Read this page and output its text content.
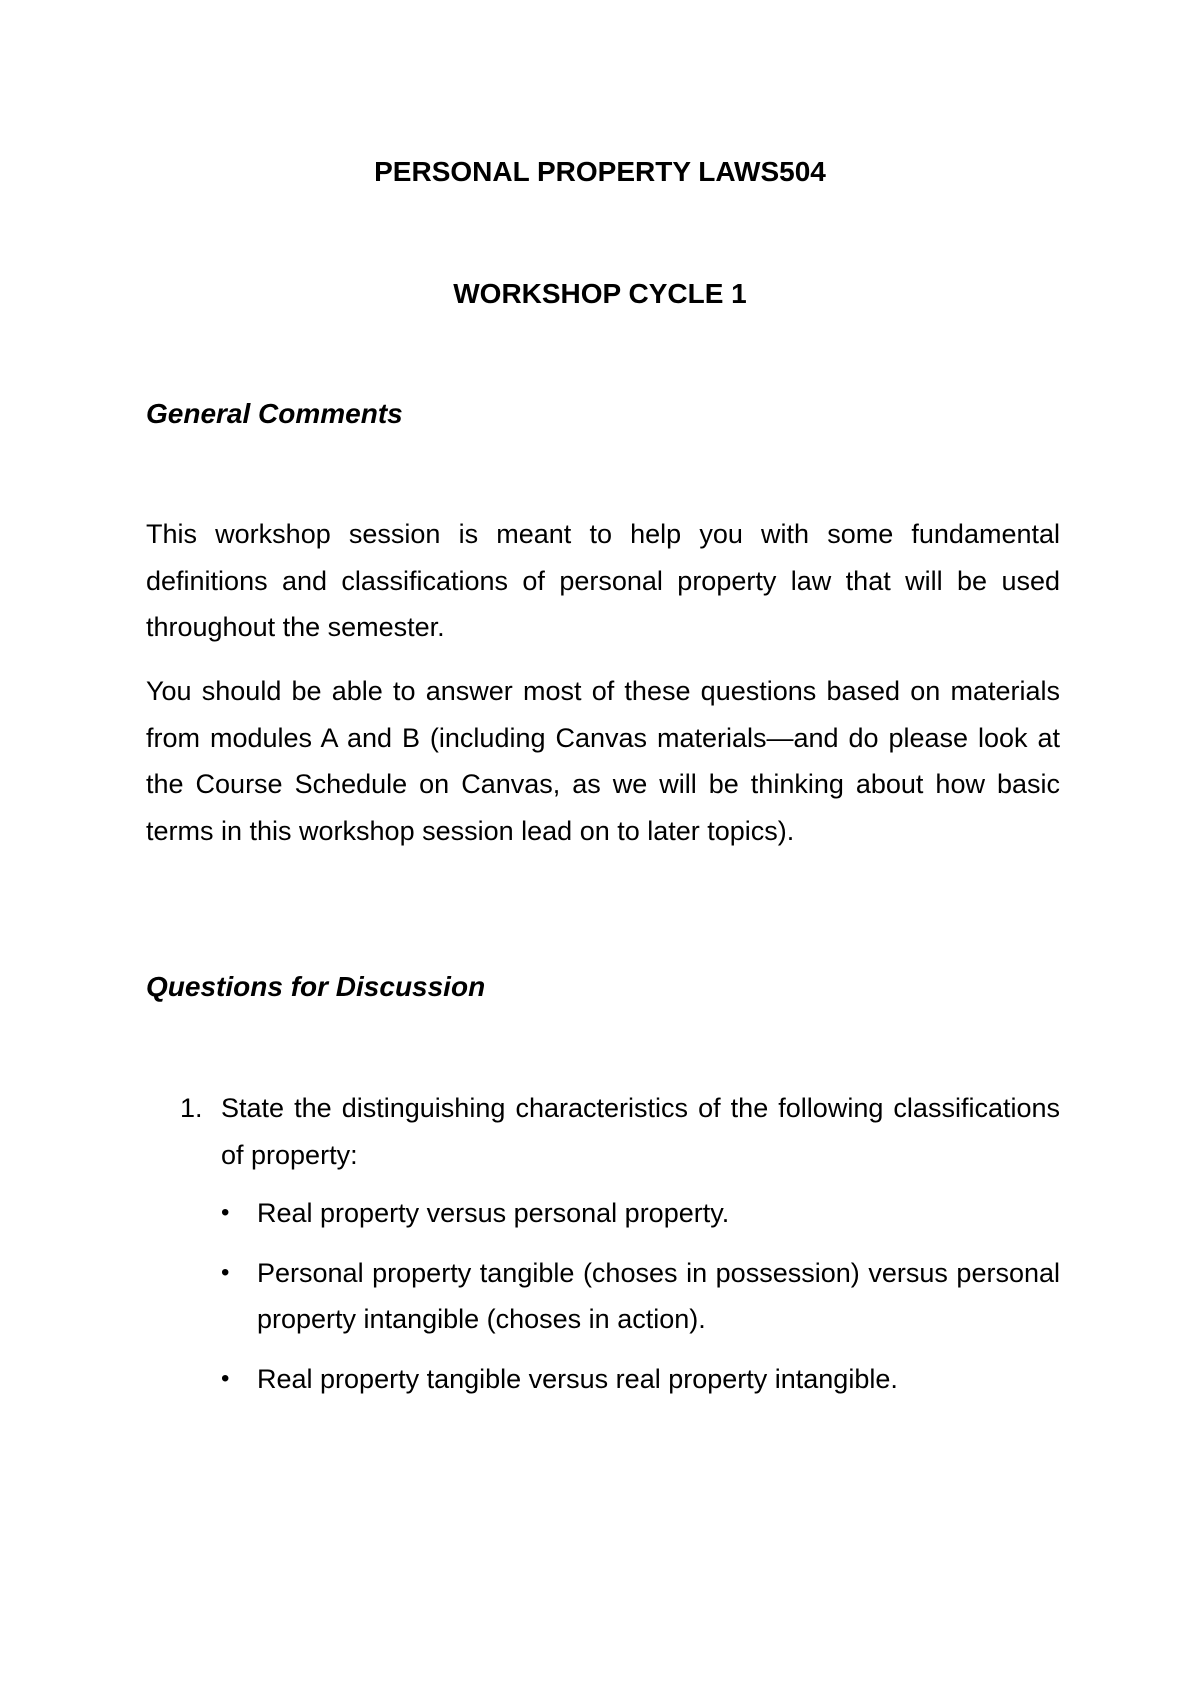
PERSONAL PROPERTY LAWS504
WORKSHOP CYCLE 1
General Comments

This workshop session is meant to help you with some fundamental definitions and classifications of personal property law that will be used throughout the semester.

You should be able to answer most of these questions based on materials from modules A and B (including Canvas materials—and do please look at the Course Schedule on Canvas, as we will be thinking about how basic terms in this workshop session lead on to later topics).

Questions for Discussion
1. State the distinguishing characteristics of the following classifications of property:
• Real property versus personal property.
• Personal property tangible (choses in possession) versus personal property intangible (choses in action).
• Real property tangible versus real property intangible.
